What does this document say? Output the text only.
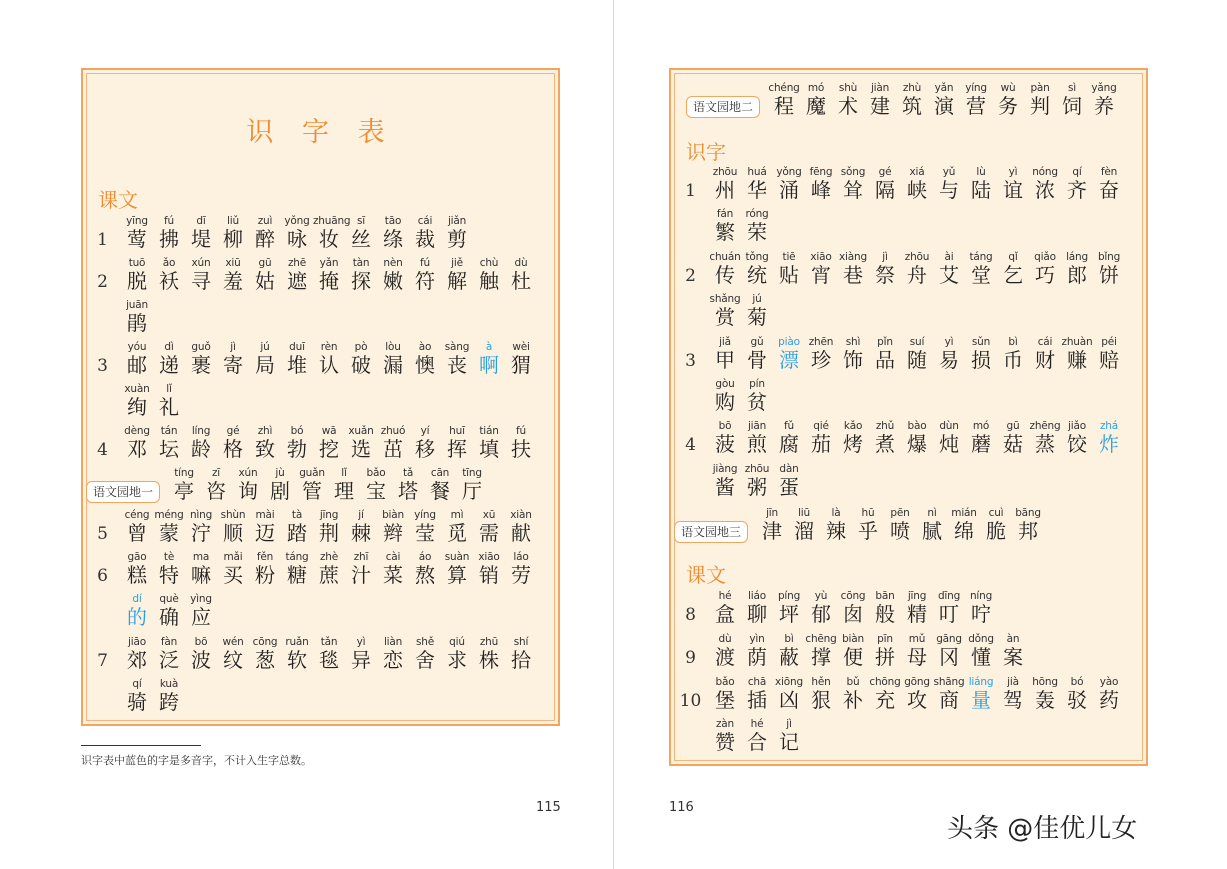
识 字 表
课文
1
yīng
莺
fú
拂
dī
堤
liǔ
柳
zuì
醉
yǒng
咏
zhuāng
妆
sī
丝
tāo
绦
cái
裁
jiǎn
剪
2
tuō
脱
ǎo
袄
xún
寻
xiū
羞
gū
姑
zhē
遮
yǎn
掩
tàn
探
nèn
嫩
fú
符
jiě
解
chù
触
dù
杜
juān
鹃
3
yóu
邮
dì
递
guǒ
裹
jì
寄
jú
局
duī
堆
rèn
认
pò
破
lòu
漏
ào
懊
sàng
丧
à
啊
wèi
猬
xuàn
绚
lǐ
礼
4
dèng
邓
tán
坛
líng
龄
gé
格
zhì
致
bó
勃
wā
挖
xuǎn
选
zhuó
茁
yí
移
huī
挥
tián
填
fú
扶
语文园地一
tíng
亭
zī
咨
xún
询
jù
剧
guǎn
管
lǐ
理
bǎo
宝
tǎ
塔
cān
餐
tīng
厅
5
céng
曾
méng
蒙
nìng
泞
shùn
顺
mài
迈
tà
踏
jīng
荆
jí
棘
biàn
辫
yíng
莹
mì
觅
xū
需
xiàn
献
6
gāo
糕
tè
特
ma
嘛
mǎi
买
fěn
粉
táng
糖
zhè
蔗
zhī
汁
cài
菜
áo
熬
suàn
算
xiāo
销
láo
劳
dí
的
què
确
yìng
应
7
jiāo
郊
fàn
泛
bō
波
wén
纹
cōng
葱
ruǎn
软
tǎn
毯
yì
异
liàn
恋
shě
舍
qiú
求
zhū
株
shí
拾
qí
骑
kuà
跨
识字表中蓝色的字是多音字，不计入生字总数。
115
语文园地二
chéng
程
mó
魔
shù
术
jiàn
建
zhù
筑
yǎn
演
yíng
营
wù
务
pàn
判
sì
饲
yǎng
养
识字
1
zhōu
州
huá
华
yǒng
涌
fēng
峰
sǒng
耸
gé
隔
xiá
峡
yǔ
与
lù
陆
yì
谊
nóng
浓
qí
齐
fèn
奋
fán
繁
róng
荣
2
chuán
传
tǒng
统
tiē
贴
xiāo
宵
xiàng
巷
jì
祭
zhōu
舟
ài
艾
táng
堂
qǐ
乞
qiǎo
巧
láng
郎
bǐng
饼
shǎng
赏
jú
菊
3
jiǎ
甲
gǔ
骨
piào
漂
zhēn
珍
shì
饰
pǐn
品
suí
随
yì
易
sǔn
损
bì
币
cái
财
zhuàn
赚
péi
赔
gòu
购
pín
贫
4
bō
菠
jiān
煎
fǔ
腐
qié
茄
kǎo
烤
zhǔ
煮
bào
爆
dùn
炖
mó
蘑
gū
菇
zhēng
蒸
jiǎo
饺
zhá
炸
jiàng
酱
zhōu
粥
dàn
蛋
语文园地三
jīn
津
liū
溜
là
辣
hū
乎
pēn
喷
nì
腻
mián
绵
cuì
脆
bāng
邦
课文
8
hé
盒
liáo
聊
píng
坪
yù
郁
cōng
囱
bān
般
jīng
精
dīng
叮
níng
咛
9
dù
渡
yìn
荫
bì
蔽
chēng
撑
biàn
便
pīn
拼
mǔ
母
gāng
冈
dǒng
懂
àn
案
10
bǎo
堡
chā
插
xiōng
凶
hěn
狠
bǔ
补
chōng
充
gōng
攻
shāng
商
liáng
量
jià
驾
hōng
轰
bó
驳
yào
药
zàn
赞
hé
合
jì
记
116
头条 @佳优儿女
